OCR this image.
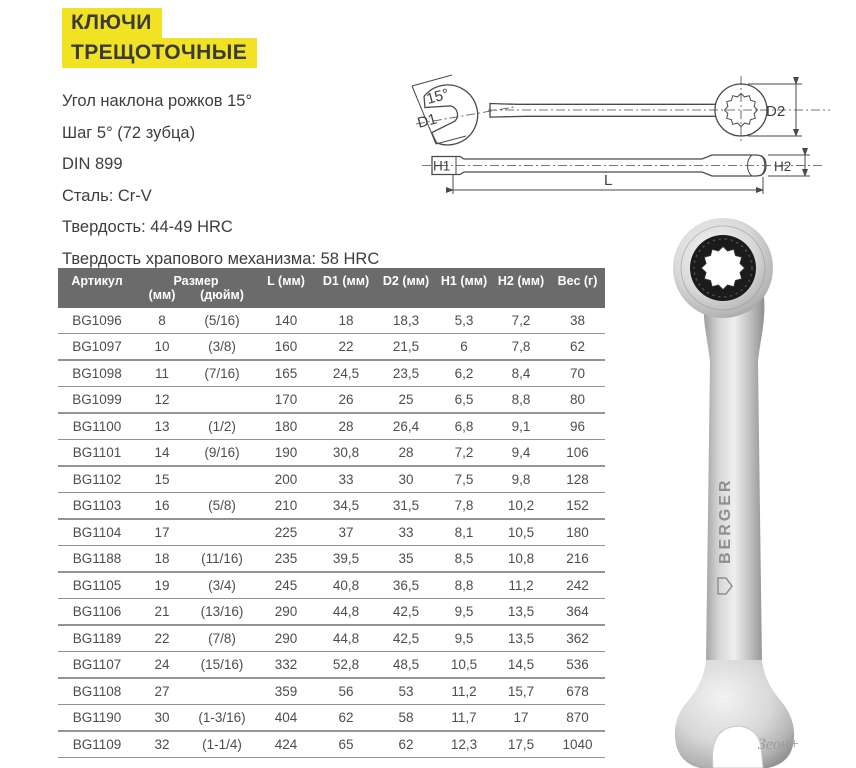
КЛЮЧИ
ТРЕЩОТОЧНЫЕ
Угол наклона рожков 15°
Шаг 5° (72 зубца)
DIN 899
Сталь: Cr-V
Твердость: 44-49 HRC
Твердость храпового механизма: 58 HRC
15°
D1	D2
H1	H2
L
Артикул	Размер		L (мм)	D1 (мм)	D2 (мм)	H1 (мм)	H2 (мм)	Вес (г)
	(мм)	(дюйм)						
BG1096	8	(5/16)	140	18	18,3	5,3	7,2	38
BG1097	10	(3/8)	160	22	21,5	6	7,8	62
BG1098	11	(7/16)	165	24,5	23,5	6,2	8,4	70
BG1099	12		170	26	25	6,5	8,8	80
BG1100	13	(1/2)	180	28	26,4	6,8	9,1	96
BG1101	14	(9/16)	190	30,8	28	7,2	9,4	106
BG1102	15		200	33	30	7,5	9,8	128
BG1103	16	(5/8)	210	34,5	31,5	7,8	10,2	152
BG1104	17		225	37	33	8,1	10,5	180
BG1188	18	(11/16)	235	39,5	35	8,5	10,8	216
BG1105	19	(3/4)	245	40,8	36,5	8,8	11,2	242
BG1106	21	(13/16)	290	44,8	42,5	9,5	13,5	364
BG1189	22	(7/8)	290	44,8	42,5	9,5	13,5	362
BG1107	24	(15/16)	332	52,8	48,5	10,5	14,5	536
BG1108	27		359	56	53	11,2	15,7	678
BG1190	30	(1-3/16)	404	62	58	11,7	17	870
BG1109	32	(1-1/4)	424	65	62	12,3	17,5	1040
BERGER
Зеон+
